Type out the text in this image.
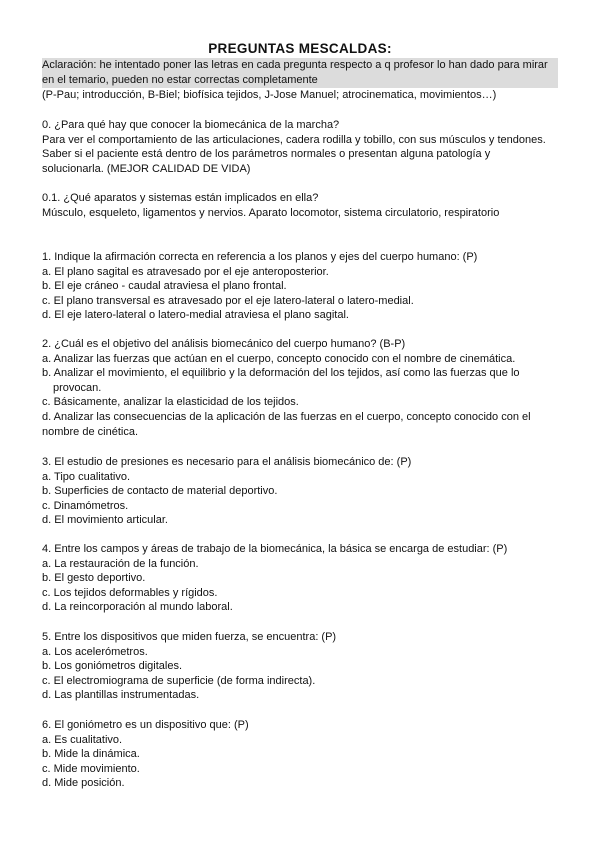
PREGUNTAS MESCALDAS:
Aclaración: he intentado poner las letras en cada pregunta respecto a q profesor lo han dado para mirar
en el temario, pueden no estar correctas completamente
(P-Pau; introducción, B-Biel; biofísica tejidos, J-Jose Manuel; atrocinematica, movimientos…)
0. ¿Para qué hay que conocer la biomecánica de la marcha?
Para ver el comportamiento de las articulaciones, cadera rodilla y tobillo, con sus músculos y tendones.
Saber si el paciente está dentro de los parámetros normales o presentan alguna patología y
solucionarla. (MEJOR CALIDAD DE VIDA)
0.1. ¿Qué aparatos y sistemas están implicados en ella?
Músculo, esqueleto, ligamentos y nervios. Aparato locomotor, sistema circulatorio, respiratorio
1. Indique la afirmación correcta en referencia a los planos y ejes del cuerpo humano: (P)
a. El plano sagital es atravesado por el eje anteroposterior.
b. El eje cráneo - caudal atraviesa el plano frontal.
c. El plano transversal es atravesado por el eje latero-lateral o latero-medial.
d. El eje latero-lateral o latero-medial atraviesa el plano sagital.
2. ¿Cuál es el objetivo del análisis biomecánico del cuerpo humano? (B-P)
a. Analizar las fuerzas que actúan en el cuerpo, concepto conocido con el nombre de cinemática.
b. Analizar el movimiento, el equilibrio y la deformación del los tejidos, así como las fuerzas que lo
provocan.
c. Básicamente, analizar la elasticidad de los tejidos.
d. Analizar las consecuencias de la aplicación de las fuerzas en el cuerpo, concepto conocido con el
nombre de cinética.
3. El estudio de presiones es necesario para el análisis biomecánico de: (P)
a. Tipo cualitativo.
b. Superficies de contacto de material deportivo.
c. Dinamómetros.
d. El movimiento articular.
4. Entre los campos y áreas de trabajo de la biomecánica, la básica se encarga de estudiar: (P)
a. La restauración de la función.
b. El gesto deportivo.
c. Los tejidos deformables y rígidos.
d. La reincorporación al mundo laboral.
5. Entre los dispositivos que miden fuerza, se encuentra: (P)
a. Los acelerómetros.
b. Los goniómetros digitales.
c. El electromiograma de superficie (de forma indirecta).
d. Las plantillas instrumentadas.
6. El goniómetro es un dispositivo que: (P)
a. Es cualitativo.
b. Mide la dinámica.
c. Mide movimiento.
d. Mide posición.
